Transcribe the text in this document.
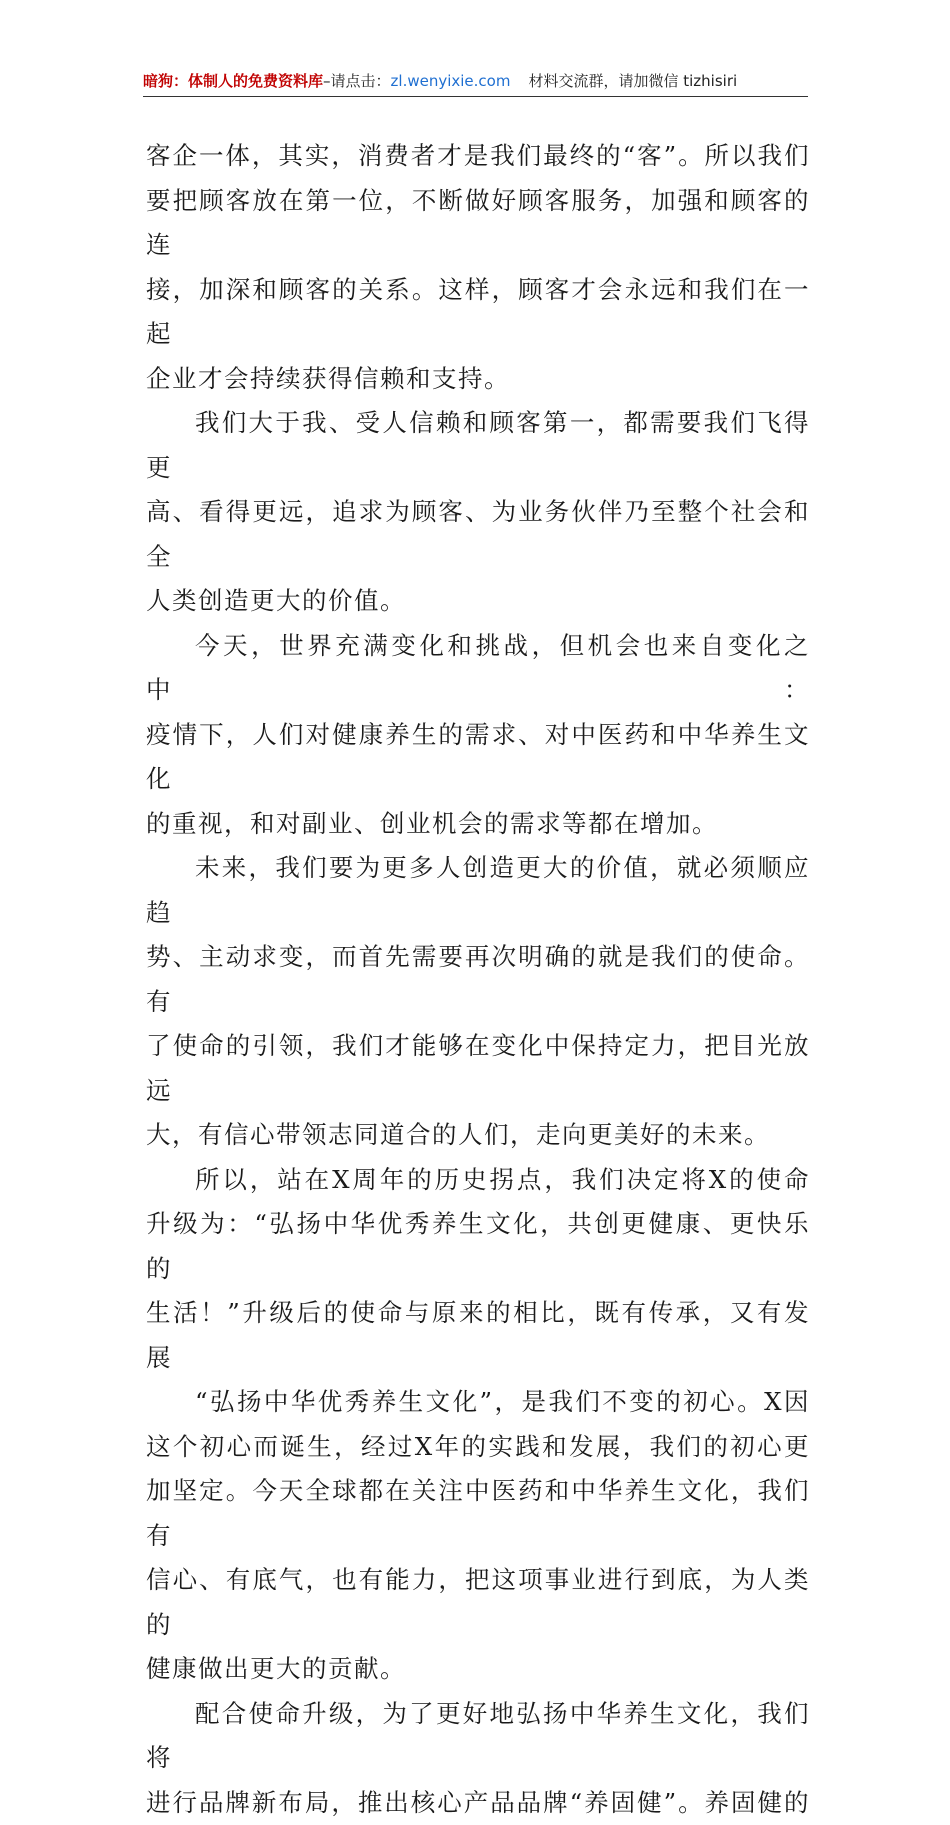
暗狗：体制人的免费资料库–请点击：zl.wenyixie.com 材料交流群，请加微信 tizhisiri

客企一体，其实，消费者才是我们最终的“客”。所以我们

要把顾客放在第一位，不断做好顾客服务，加强和顾客的连

接，加深和顾客的关系。这样，顾客才会永远和我们在一起

企业才会持续获得信赖和支持。

我们大于我、受人信赖和顾客第一，都需要我们飞得更

高、看得更远，追求为顾客、为业务伙伴乃至整个社会和全

人类创造更大的价值。

今天，世界充满变化和挑战，但机会也来自变化之中：

疫情下，人们对健康养生的需求、对中医药和中华养生文化

的重视，和对副业、创业机会的需求等都在增加。

未来，我们要为更多人创造更大的价值，就必须顺应趋

势、主动求变，而首先需要再次明确的就是我们的使命。有

了使命的引领，我们才能够在变化中保持定力，把目光放远

大，有信心带领志同道合的人们，走向更美好的未来。

所以，站在X周年的历史拐点，我们决定将X的使命

升级为：“弘扬中华优秀养生文化，共创更健康、更快乐的

生活！”升级后的使命与原来的相比，既有传承，又有发展

“弘扬中华优秀养生文化”，是我们不变的初心。X因

这个初心而诞生，经过X年的实践和发展，我们的初心更

加坚定。今天全球都在关注中医药和中华养生文化，我们有

信心、有底气，也有能力，把这项事业进行到底，为人类的

健康做出更大的贡献。

配合使命升级，为了更好地弘扬中华养生文化，我们将

进行品牌新布局，推出核心产品品牌“养固健”。养固健的
